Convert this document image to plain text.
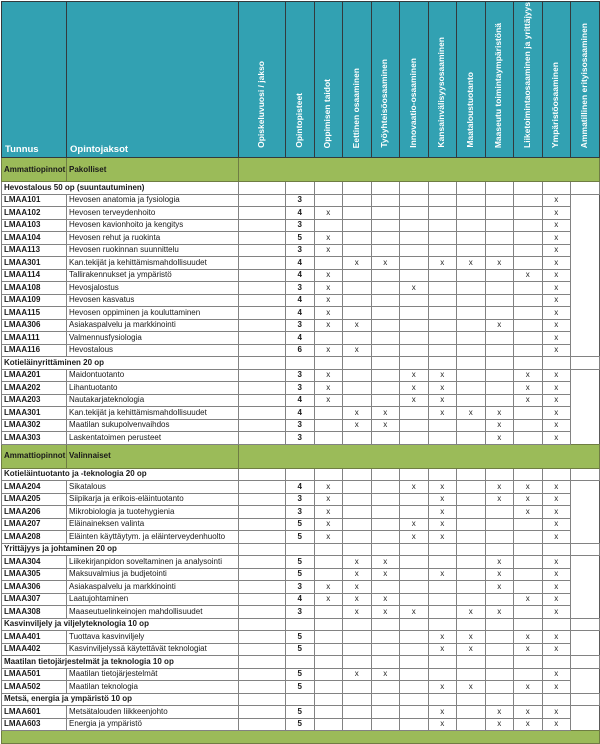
Tunnus	Opintojaksot	Opiskeluvuosi / jakso	Opintopisteet	Oppimisen taidot	Eettinen osaaminen	Työyhteisöosaaminen	Innovaatio-osaaminen	Kansainvälisyysosaaminen	Maataloustuotanto	Maaseutu toimintaympäristönä	Liiketoimintaosaaminen ja yrittäjyys	Ympäristöosaaminen	Ammatillinen erityisosaaminen
Ammattiopinnot	Pakolliset												
Hevostalous 50 op (suuntautuminen)													
LMAA101	Hevosen anatomia ja fysiologia		3									x	
LMAA102	Hevosen terveydenhoito		4	x								x	
LMAA103	Hevosen kavionhoito ja kengitys		3									x	
LMAA104	Hevosen rehut ja ruokinta		5	x								x	
LMAA113	Hevosen ruokinnan suunnittelu		3	x								x	
LMAA301	Kan.tekijät ja kehittämismahdollisuudet		4		x	x		x	x	x		x	
LMAA114	Tallirakennukset ja ympäristö		4	x							x	x	
LMAA108	Hevosjalostus		3	x			x					x	
LMAA109	Hevosen kasvatus		4	x								x	
LMAA115	Hevosen oppiminen ja kouluttaminen		4	x								x	
LMAA306	Asiakaspalvelu ja markkinointi		3	x	x					x		x	
LMAA111	Valmennusfysiologia		4									x	
LMAA116	Hevostalous		6	x	x							x	
Kotieläinyrittäminen 20 op													
LMAA201	Maidontuotanto		3	x			x	x			x	x	
LMAA202	Lihantuotanto		3	x			x	x			x	x	
LMAA203	Nautakarjateknologia		4	x			x	x			x	x	
LMAA301	Kan.tekijät ja kehittämismahdollisuudet		4		x	x		x	x	x		x	
LMAA302	Maatilan sukupolvenvaihdos		3		x	x				x		x	
LMAA303	Laskentatoimen perusteet		3							x		x	
Ammattiopinnot	Valinnaiset												
Kotieläintuotanto ja -teknologia 20 op													
LMAA204	Sikatalous		4	x			x	x		x	x	x	
LMAA205	Siipikarja ja erikois-eläintuotanto		3	x				x		x	x	x	
LMAA206	Mikrobiologia ja tuotehygienia		3	x				x			x	x	
LMAA207	Eläinaineksen valinta		5	x			x	x				x	
LMAA208	Eläinten käyttäytym. ja eläinterveydenhuolto		5	x			x	x				x	
Yrittäjyys ja johtaminen 20 op													
LMAA304	Liikekirjanpidon soveltaminen ja analysointi		5		x	x				x		x	
LMAA305	Maksuvalmius ja budjetointi		5		x	x		x		x		x	
LMAA306	Asiakaspalvelu ja markkinointi		3	x	x					x		x	
LMAA307	Laatujohtaminen		4	x	x	x					x	x	
LMAA308	Maaseutuelinkeinojen mahdollisuudet		3		x	x	x		x	x		x	
Kasvinviljely ja viljelyteknologia 10 op													
LMAA401	Tuottava kasvinviljely		5					x	x		x	x	
LMAA402	Kasvinviljelyssä käytettävät teknologiat		5					x	x		x	x	
Maatilan tietojärjestelmät ja teknologia 10 op													
LMAA501	Maatilan tietojärjestelmät		5		x	x						x	
LMAA502	Maatilan teknologia		5					x	x		x	x	
Metsä, energia ja ympäristö 10 op													
LMAA601	Metsätalouden liikkeenjohto		5					x		x	x	x	
LMAA603	Energia ja ympäristö		5					x		x	x	x	
